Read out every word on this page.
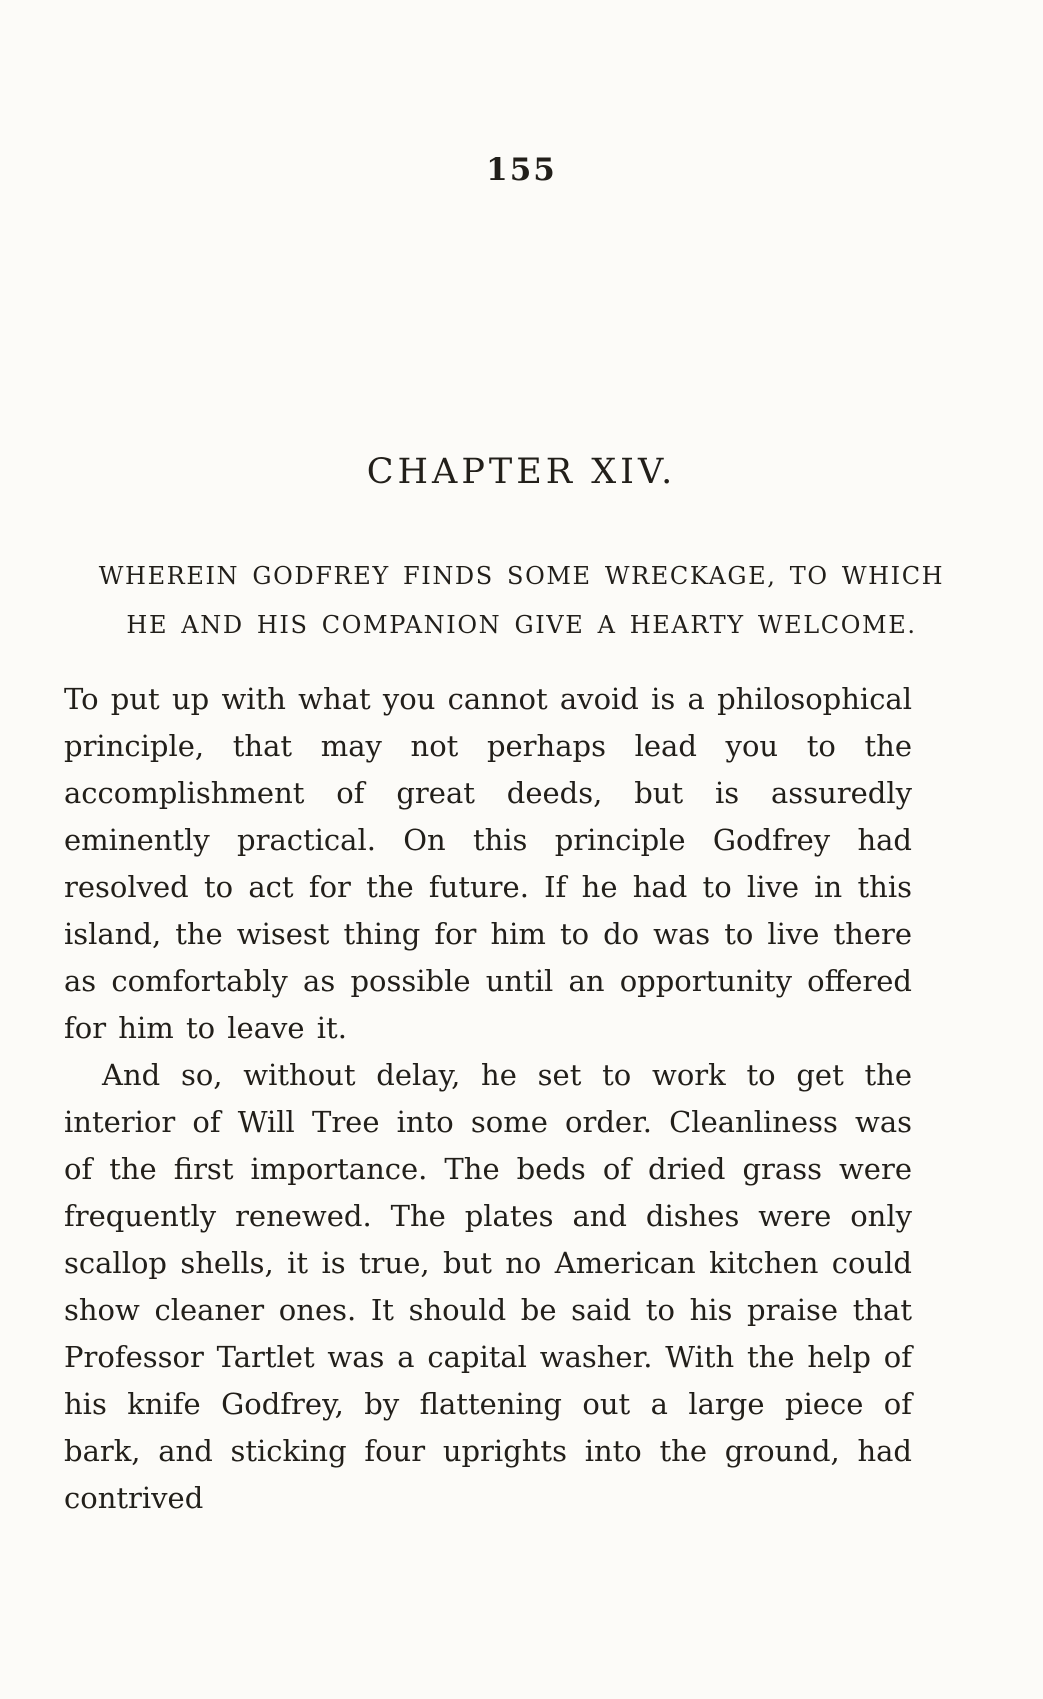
155
CHAPTER XIV.
WHEREIN GODFREY FINDS SOME WRECKAGE, TO WHICH
HE AND HIS COMPANION GIVE A HEARTY WELCOME.

To put up with what you cannot avoid is a philosophical principle, that may not perhaps lead you to the accomplishment of great deeds, but is assuredly eminently practical. On this principle Godfrey had resolved to act for the future. If he had to live in this island, the wisest thing for him to do was to live there as comfortably as possible until an opportunity offered for him to leave it.

And so, without delay, he set to work to get the interior of Will Tree into some order. Cleanliness was of the first importance. The beds of dried grass were frequently renewed. The plates and dishes were only scallop shells, it is true, but no American kitchen could show cleaner ones. It should be said to his praise that Professor Tartlet was a capital washer. With the help of his knife Godfrey, by flattening out a large piece of bark, and sticking four uprights into the ground, had contrived
